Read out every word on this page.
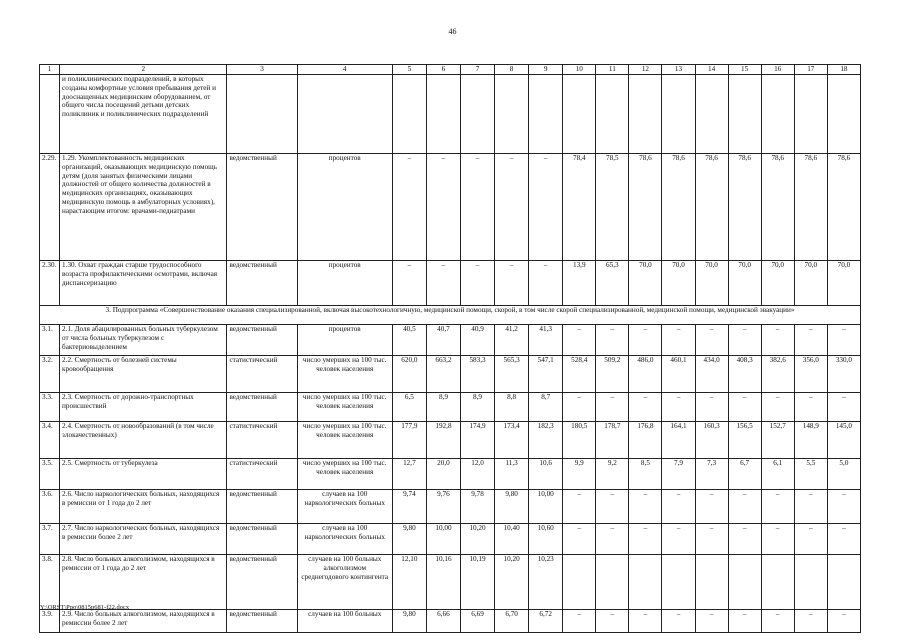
46
1	2	3	4	5	6	7	8	9	10	11	12	13	14	15	16	17	18
	и поликлинических подразделений, в которых созданы комфортные условия пребывания детей и дооснащенных медицинским оборудованием, от общего числа посещений детьми детских поликлиник и поликлинических подразделений																
2.29.	1.29. Укомплектованность медицинских организаций, оказывающих медицинскую помощь детям (доля занятых физическими лицами должностей от общего количества должностей в медицинских организациях, оказывающих медицинскую помощь в амбулаторных условиях), нарастающим итогом: врачами-педиатрами	ведомственный	процентов	–	–	–	–	–	78,4	78,5	78,6	78,6	78,6	78,6	78,6	78,6	78,6
2.30.	1.30. Охват граждан старше трудоспособного возраста профилактическими осмотрами, включая диспансеризацию	ведомственный	процентов	–	–	–	–	–	13,9	65,3	70,0	70,0	70,0	70,0	70,0	70,0	70,0
3. Подпрограмма «Совершенствование оказания специализированной, включая высокотехнологичную, медицинской помощи, скорой, в том числе скорой специализированной, медицинской помощи, медицинской эвакуации»																	
3.1.	2.1. Доля абацилированных больных туберкулезом от числа больных туберкулезом с бактериовыделением	ведомственный	процентов	40,5	40,7	40,9	41,2	41,3	–	–	–	–	–	–	–	–	–
3.2.	2.2. Смертность от болезней системы кровообращения	статистический	число умерших на 100 тыс. человек населения	620,0	663,2	583,3	565,3	547,1	528,4	509,2	486,0	460,1	434,0	408,3	382,6	356,0	330,0
3.3.	2.3. Смертность от дорожно-транспортных происшествий	ведомственный	число умерших на 100 тыс. человек населения	6,5	8,9	8,9	8,8	8,7	–	–	–	–	–	–	–	–	–
3.4.	2.4. Смертность от новообразований (в том числе злокачественных)	статистический	число умерших на 100 тыс. человек населения	177,9	192,8	174,9	173,4	182,3	180,5	178,7	176,8	164,1	160,3	156,5	152,7	148,9	145,0
3.5.	2.5. Смертность от туберкулеза	статистический	число умерших на 100 тыс. человек населения	12,7	20,0	12,0	11,3	10,6	9,9	9,2	8,5	7,9	7,3	6,7	6,1	5,5	5,0
3.6.	2.6. Число наркологических больных, находящихся в ремиссии от 1 года до 2 лет	ведомственный	случаев на 100 наркологических больных	9,74	9,76	9,78	9,80	10,00	–	–	–	–	–	–	–	–	–
3.7.	2.7. Число наркологических больных, находящихся в ремиссии более 2 лет	ведомственный	случаев на 100 наркологических больных	9,80	10,00	10,20	10,40	10,60	–	–	–	–	–	–	–	–	–
3.8.	2.8. Число больных алкоголизмом, находящихся в ремиссии от 1 года до 2 лет	ведомственный	случаев на 100 больных алкоголизмом среднегодового контингента	12,10	10,16	10,19	10,20	10,23									
3.9.	2.9. Число больных алкоголизмом, находящихся в ремиссии более 2 лет	ведомственный	случаев на 100 больных	9,80	6,66	6,69	6,70	6,72	–	–	–	–	–	–	–	–	–
Y:\ORST\Ppo\0815p681-f22.docx
